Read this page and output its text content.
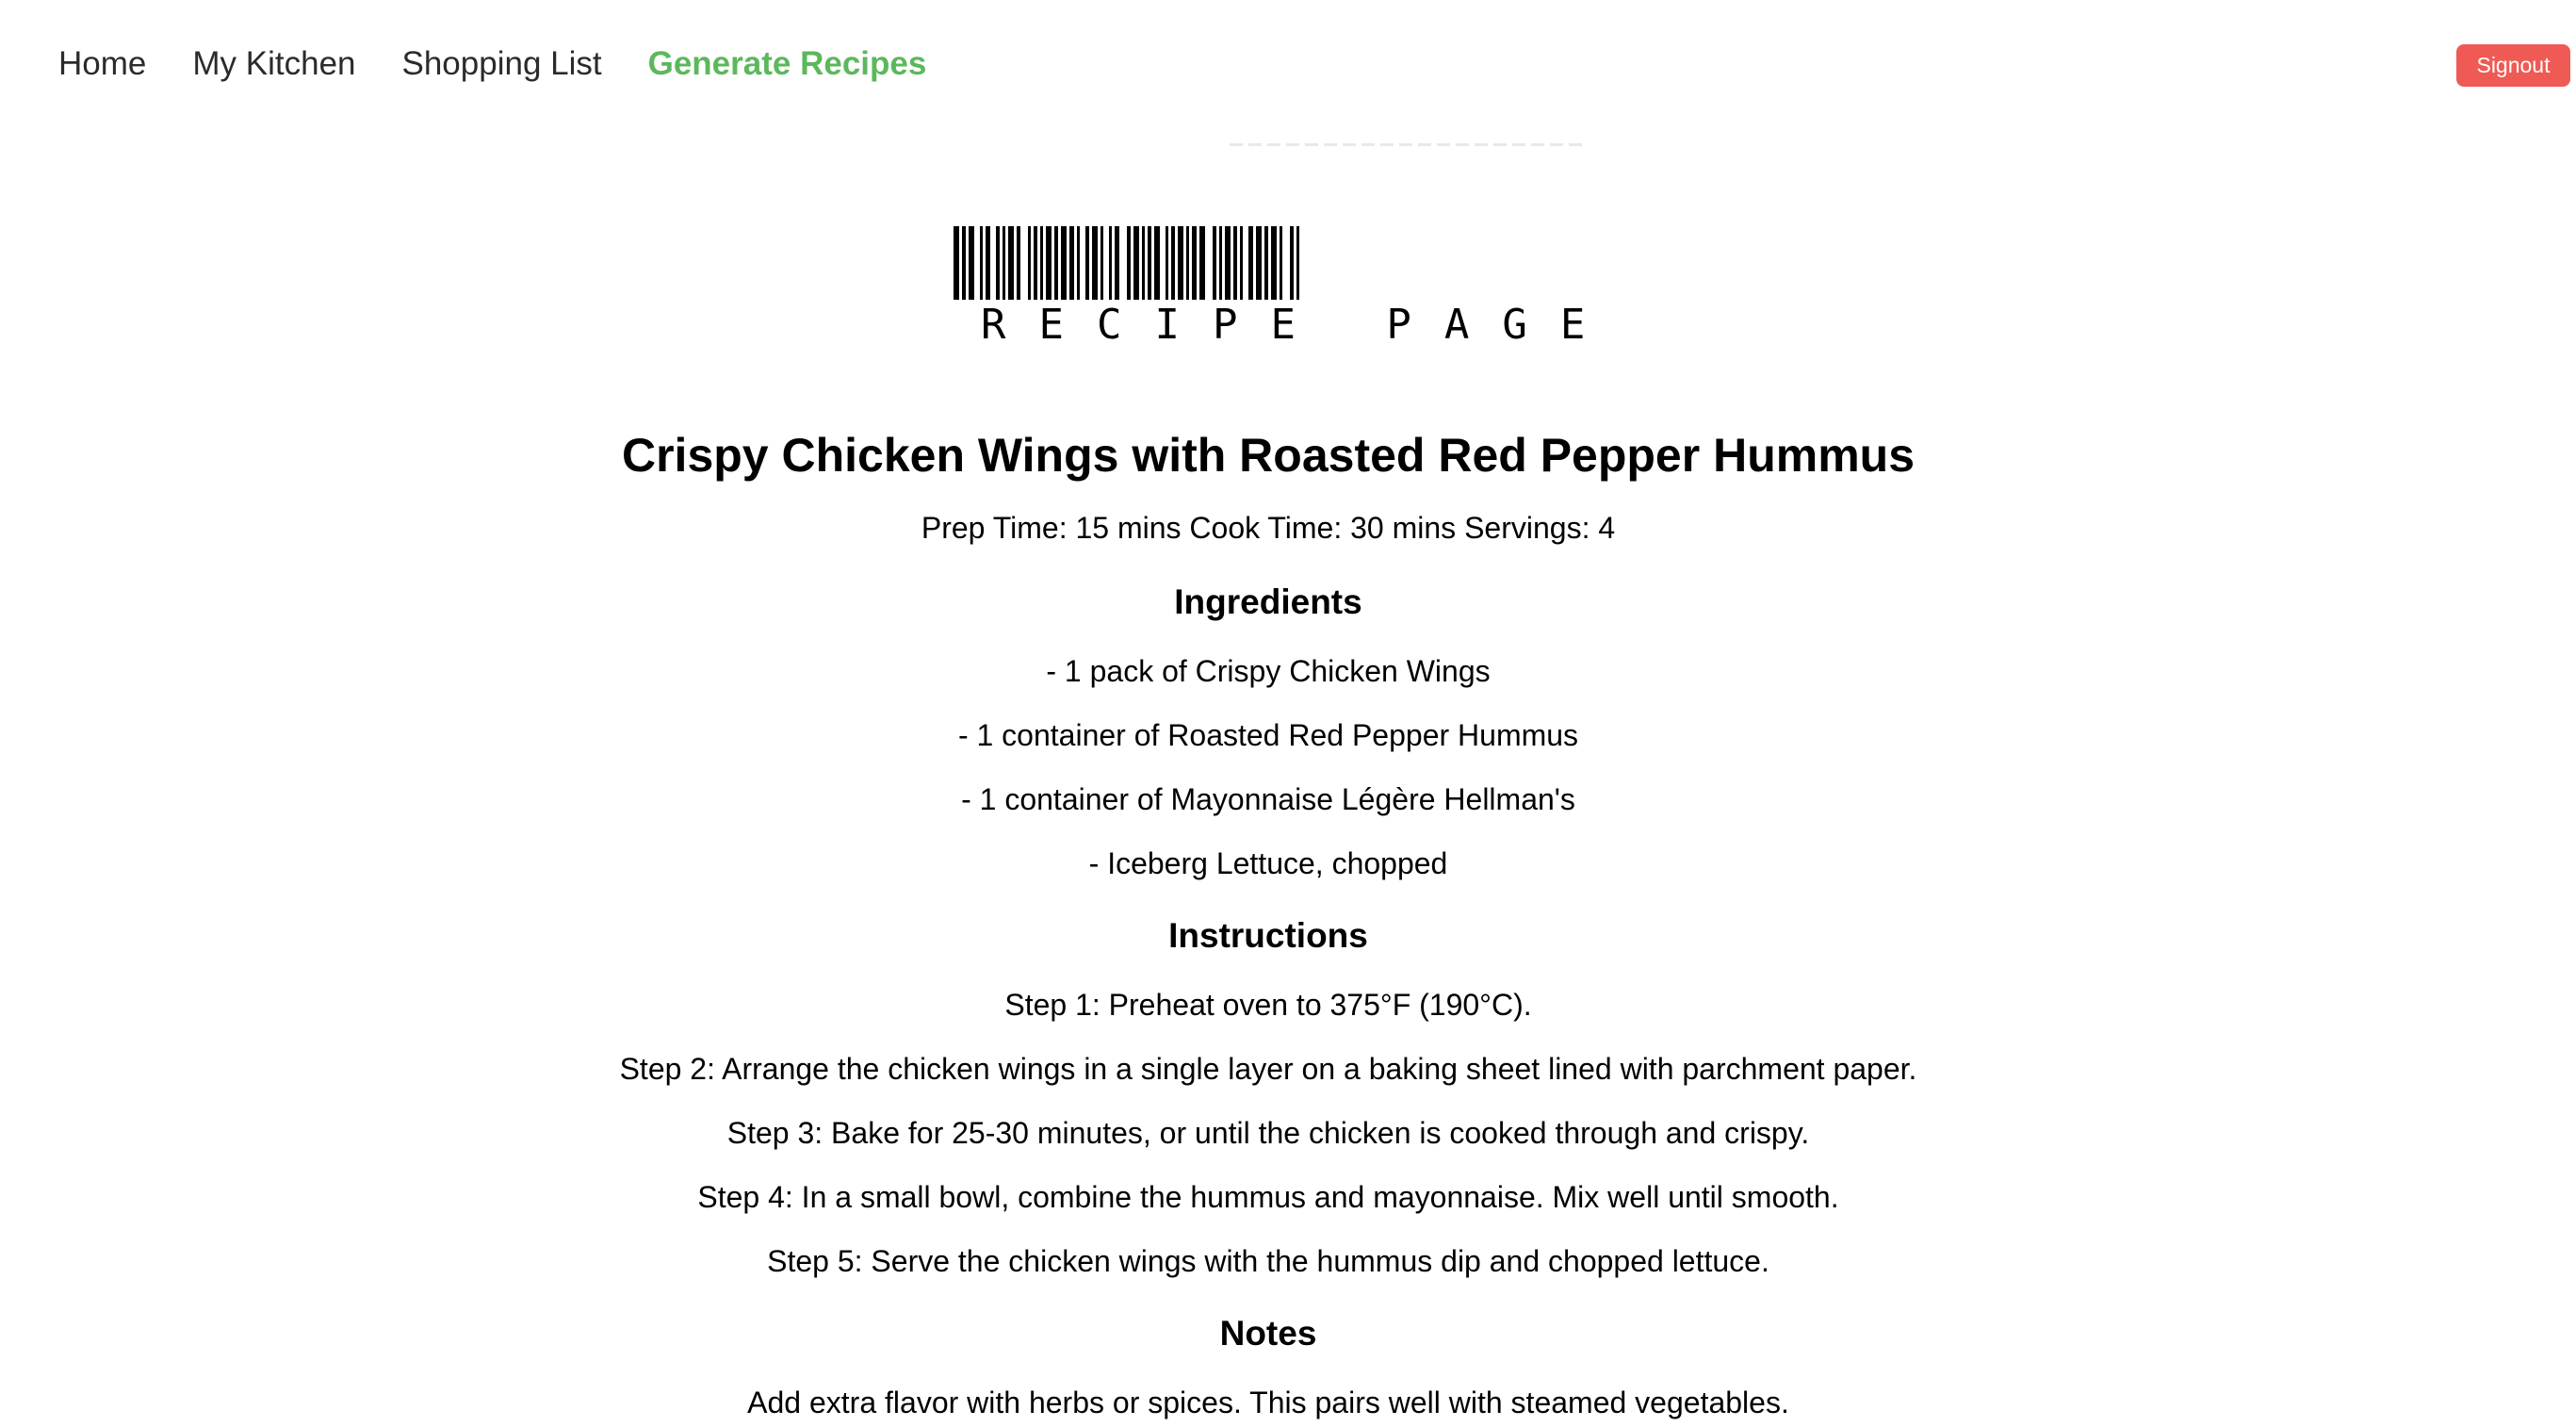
Home My Kitchen Shopping List Generate Recipes	Signout
RECIPE PAGE
Crispy Chicken Wings with Roasted Red Pepper Hummus

Prep Time: 15 mins Cook Time: 30 mins Servings: 4

Ingredients

- 1 pack of Crispy Chicken Wings

- 1 container of Roasted Red Pepper Hummus

- 1 container of Mayonnaise Légère Hellman's

- Iceberg Lettuce, chopped

Instructions

Step 1: Preheat oven to 375°F (190°C).

Step 2: Arrange the chicken wings in a single layer on a baking sheet lined with parchment paper.

Step 3: Bake for 25-30 minutes, or until the chicken is cooked through and crispy.

Step 4: In a small bowl, combine the hummus and mayonnaise. Mix well until smooth.

Step 5: Serve the chicken wings with the hummus dip and chopped lettuce.

Notes

Add extra flavor with herbs or spices. This pairs well with steamed vegetables.
